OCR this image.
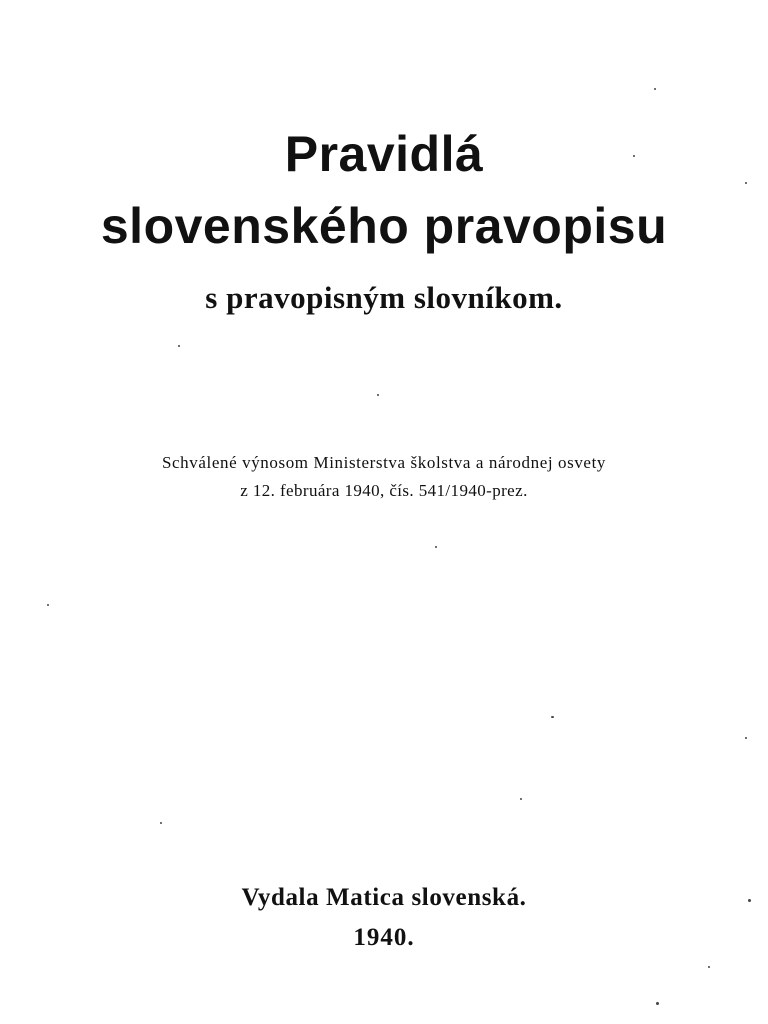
Pravidlá
slovenského pravopisu
s pravopisným slovníkom.
Schválené výnosom Ministerstva školstva a národnej osvety
z 12. februára 1940, čís. 541/1940-prez.
Vydala Matica slovenská.
1940.
